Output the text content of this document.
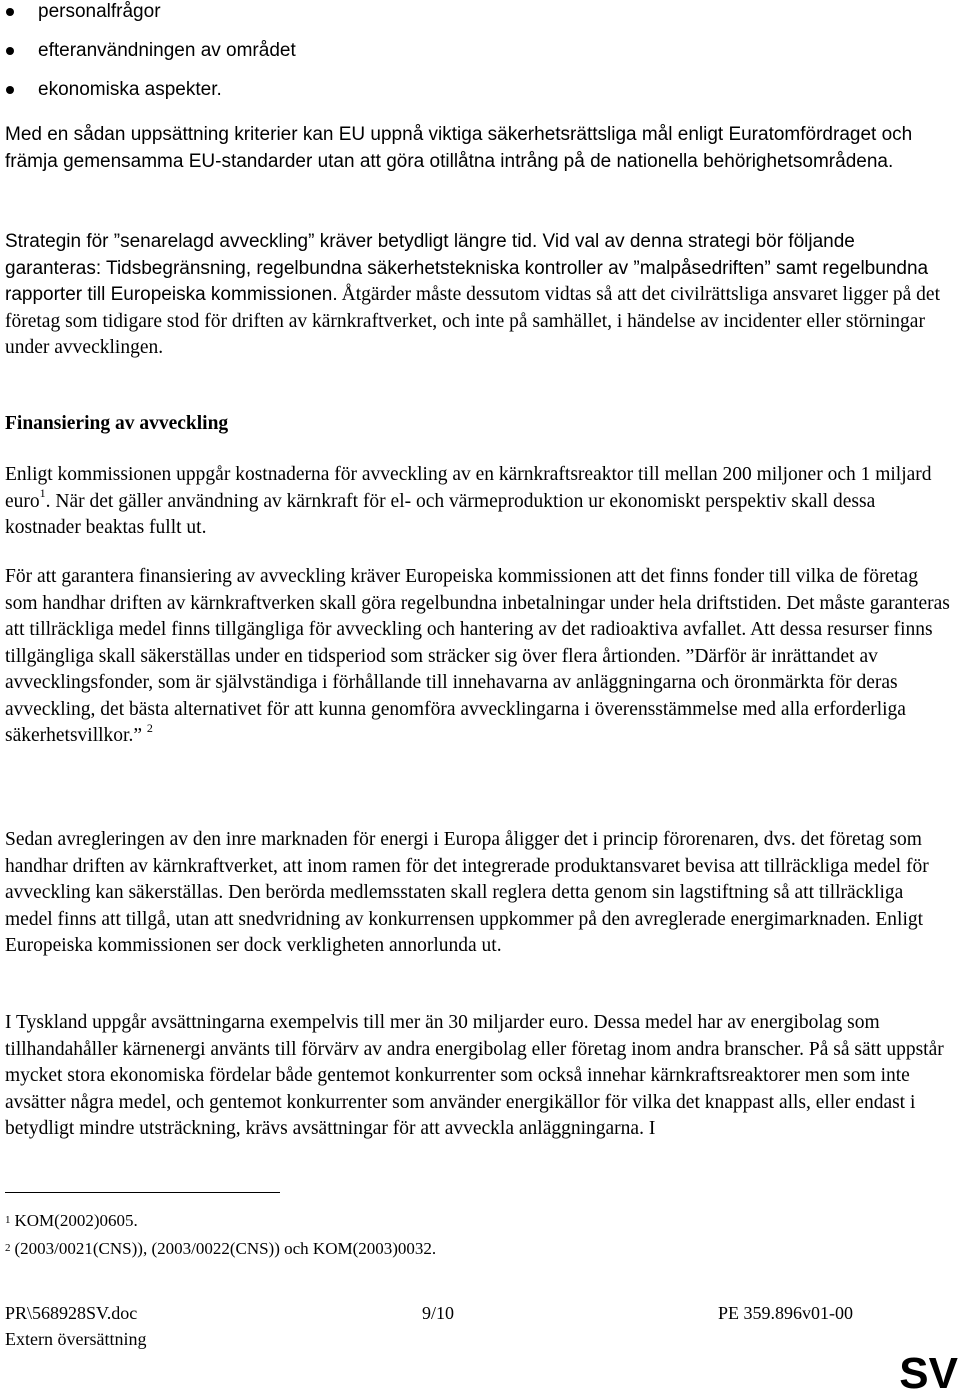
personalfrågor
efteranvändningen av området
ekonomiska aspekter.

Med en sådan uppsättning kriterier kan EU uppnå viktiga säkerhetsrättsliga mål enligt Euratomfördraget och främja gemensamma EU-standarder utan att göra otillåtna intrång på de nationella behörighetsområdena.

Strategin för ”senarelagd avveckling” kräver betydligt längre tid. Vid val av denna strategi bör följande garanteras: Tidsbegränsning, regelbundna säkerhetstekniska kontroller av ”malpåsedriften” samt regelbundna rapporter till Europeiska kommissionen. Åtgärder måste dessutom vidtas så att det civilrättsliga ansvaret ligger på det företag som tidigare stod för driften av kärnkraftverket, och inte på samhället, i händelse av incidenter eller störningar under avvecklingen.

Finansiering av avveckling

Enligt kommissionen uppgår kostnaderna för avveckling av en kärnkraftsreaktor till mellan 200 miljoner och 1 miljard euro$^1$. När det gäller användning av kärnkraft för el- och värmeproduktion ur ekonomiskt perspektiv skall dessa kostnader beaktas fullt ut.

För att garantera finansiering av avveckling kräver Europeiska kommissionen att det finns fonder till vilka de företag som handhar driften av kärnkraftverken skall göra regelbundna inbetalningar under hela driftstiden. Det måste garanteras att tillräckliga medel finns tillgängliga för avveckling och hantering av det radioaktiva avfallet. Att dessa resurser finns tillgängliga skall säkerställas under en tidsperiod som sträcker sig över flera årtionden. ”Därför är inrättandet av avvecklingsfonder, som är självständiga i förhållande till innehavarna av anläggningarna och öronmärkta för deras avveckling, det bästa alternativet för att kunna genomföra avvecklingarna i överensstämmelse med alla erforderliga säkerhetsvillkor.” $^2$

Sedan avregleringen av den inre marknaden för energi i Europa åligger det i princip förorenaren, dvs. det företag som handhar driften av kärnkraftverket, att inom ramen för det integrerade produktansvaret bevisa att tillräckliga medel för avveckling kan säkerställas. Den berörda medlemsstaten skall reglera detta genom sin lagstiftning så att tillräckliga medel finns att tillgå, utan att snedvridning av konkurrensen uppkommer på den avreglerade energimarknaden. Enligt Europeiska kommissionen ser dock verkligheten annorlunda ut.

I Tyskland uppgår avsättningarna exempelvis till mer än 30 miljarder euro. Dessa medel har av energibolag som tillhandahåller kärnenergi använts till förvärv av andra energibolag eller företag inom andra branscher. På så sätt uppstår mycket stora ekonomiska fördelar både gentemot konkurrenter som också innehar kärnkraftsreaktorer men som inte avsätter några medel, och gentemot konkurrenter som använder energikällor för vilka det knappast alls, eller endast i betydligt mindre utsträckning, krävs avsättningar för att avveckla anläggningarna. I

$^1$ KOM(2002)0605.
$^2$ (2003/0021(CNS)), (2003/0022(CNS)) och KOM(2003)0032.
PR\568928SV.doc	9/10	PE 359.896v01-00
Extern översättning
SV
